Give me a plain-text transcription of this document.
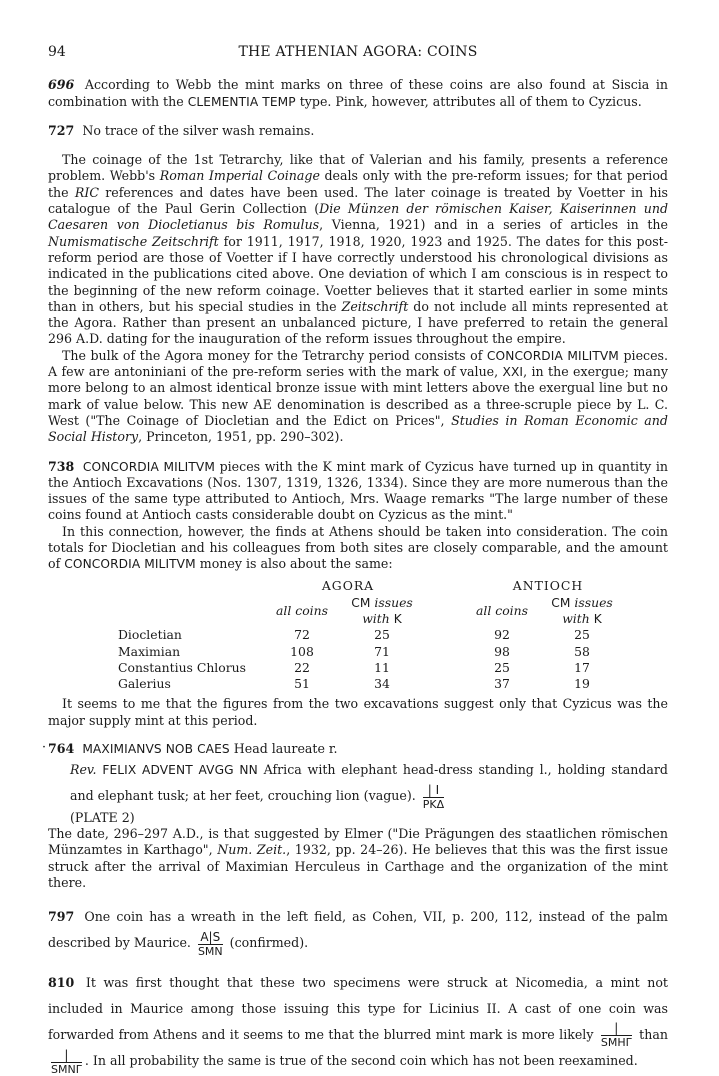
94	THE ATHENIAN AGORA: COINS

696 According to Webb the mint marks on three of these coins are also found at Siscia in combination with the CLEMENTIA TEMP type. Pink, however, attributes all of them to Cyzicus.

727 No trace of the silver wash remains.

The coinage of the 1st Tetrarchy, like that of Valerian and his family, presents a reference problem. Webb's Roman Imperial Coinage deals only with the pre-reform issues; for that period the RIC references and dates have been used. The later coinage is treated by Voetter in his catalogue of the Paul Gerin Collection (Die Münzen der römischen Kaiser, Kaiserinnen und Caesaren von Diocletianus bis Romulus, Vienna, 1921) and in a series of articles in the Numismatische Zeitschrift for 1911, 1917, 1918, 1920, 1923 and 1925. The dates for this post-reform period are those of Voetter if I have correctly understood his chronological divisions as indicated in the publications cited above. One deviation of which I am conscious is in respect to the beginning of the new reform coinage. Voetter believes that it started earlier in some mints than in others, but his special studies in the Zeitschrift do not include all mints represented at the Agora. Rather than present an unbalanced picture, I have preferred to retain the general 296 A.D. dating for the inauguration of the reform issues throughout the empire.

The bulk of the Agora money for the Tetrarchy period consists of CONCORDIA MILITVM pieces. A few are antoniniani of the pre-reform series with the mark of value, XXI, in the exergue; many more belong to an almost identical bronze issue with mint letters above the exergual line but no mark of value below. This new AE denomination is described as a three-scruple piece by L. C. West ("The Coinage of Diocletian and the Edict on Prices", Studies in Roman Economic and Social History, Princeton, 1951, pp. 290–302).

738 CONCORDIA MILITVM pieces with the K mint mark of Cyzicus have turned up in quantity in the Antioch Excavations (Nos. 1307, 1319, 1326, 1334). Since they are more numerous than the issues of the same type attributed to Antioch, Mrs. Waage remarks "The large number of these coins found at Antioch casts considerable doubt on Cyzicus as the mint."

In this connection, however, the finds at Athens should be taken into consideration. The coin totals for Diocletian and his colleagues from both sites are closely comparable, and the amount of CONCORDIA MILITVM money is also about the same:

	AGORA			ANTIOCH	
	all coins	CM issues with K		all coins	CM issues with K
Diocletian	72	25		92	25
Maximian	108	71		98	58
Constantius Chlorus	22	11		25	17
Galerius	51	34		37	19

It seems to me that the figures from the two excavations suggest only that Cyzicus was the major supply mint at this period.

· 764 MAXIMIANVS NOB CAES Head laureate r.

Rev. FELIX ADVENT AVGG NN Africa with elephant head-dress standing l., holding standard and elephant tusk; at her feet, crouching lion (vague).	| I
PKΔ

(PLATE 2)

The date, 296–297 A.D., is that suggested by Elmer ("Die Prägungen des staatlichen römischen Münzamtes in Karthago", Num. Zeit., 1932, pp. 24–26). He believes that this was the first issue struck after the arrival of Maximian Herculeus in Carthage and the organization of the mint there.

797 One coin has a wreath in the left field, as Cohen, VII, p. 200, 112, instead of the palm described by Maurice. A|S
SMN
(confirmed).

810 It was first thought that these two specimens were struck at Nicomedia, a mint not included in Maurice among those issuing this type for Licinius II. A cast of one coin was forwarded from Athens and it seems to me that the blurred mint mark is more likely	|
SMHΓ
than
|
SMNΓ
. In all probability the same is true of the second coin which has not been reexamined.
